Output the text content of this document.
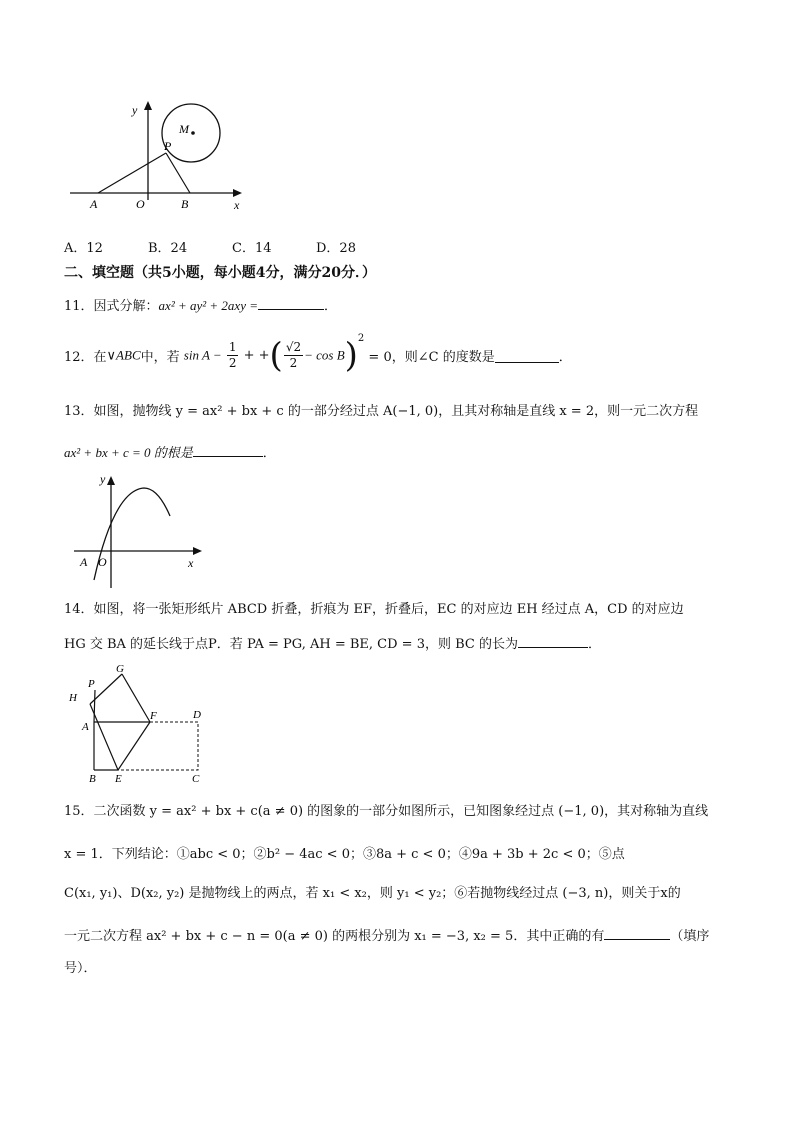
y
M
P
A	O	B	x
A．12	B．24	C．14	D．28
二、填空题（共5小题，每小题4分，满分20分．）
11．因式分解：ax² + ay² + 2axy =	．
12．在∨ABC中，若 $\sin A - \frac{1}{2}$ + +( $\frac{√2}{2} - \cos B)^2 = 0$，则∠C 的度数是	．
13．如图，抛物线 y = ax² + bx + c 的一部分经过点 A(−1, 0)，且其对称轴是直线 x = 2，则一元二次方程
ax² + bx + c = 0 的根是	．
y
A O	x
14．如图，将一张矩形纸片 ABCD 折叠，折痕为 EF，折叠后，EC 的对应边 EH 经过点 A，CD 的对应边
HG 交 BA 的延长线于点P．若 PA = PG, AH = BE, CD = 3，则 BC 的长为	．
G
P
H
A
F	D
B E	C
15．二次函数 y = ax² + bx + c(a ≠ 0) 的图象的一部分如图所示，已知图象经过点 (−1, 0)，其对称轴为直线
x = 1．下列结论：①abc < 0；②b² − 4ac < 0；③8a + c < 0；④9a + 3b + 2c < 0；⑤点
C(x₁, y₁)、D(x₂, y₂) 是抛物线上的两点，若 x₁ < x₂，则 y₁ < y₂；⑥若抛物线经过点 (−3, n)，则关于x的
一元二次方程 ax² + bx + c − n = 0(a ≠ 0) 的两根分别为 x₁ = −3, x₂ = 5．其中正确的有	（填序
号）．
